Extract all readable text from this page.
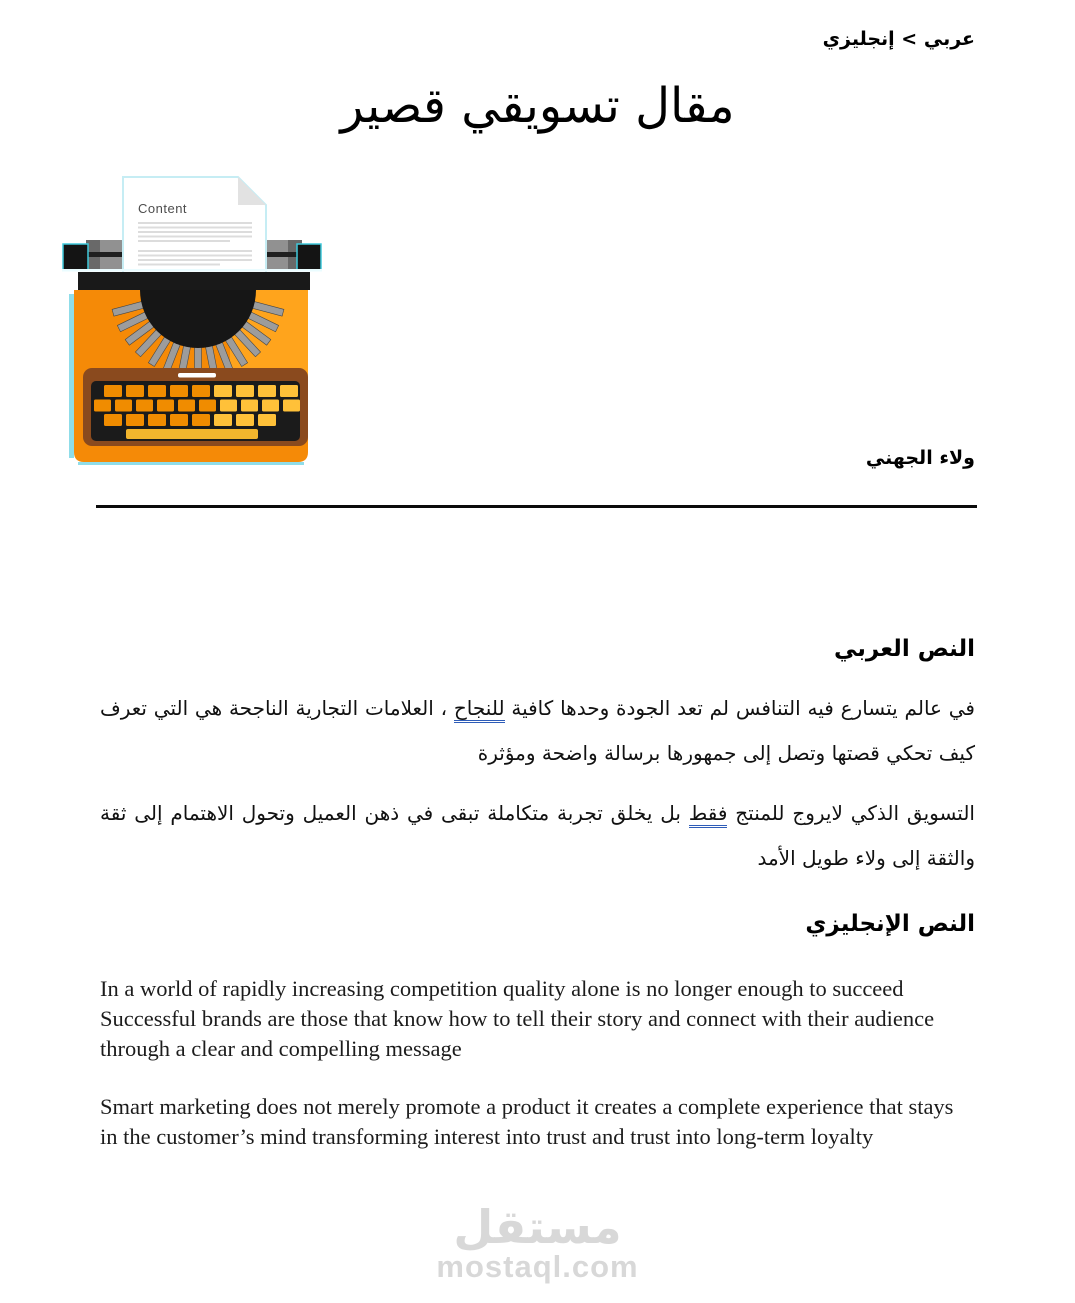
عربي > إنجليزي
مقال تسويقي قصير
Content
ولاء الجهني
النص العربي

في عالم يتسارع فيه التنافس لم تعد الجودة وحدها كافية للنجاح ، العلامات التجارية الناجحة هي التي تعرف كيف تحكي قصتها وتصل إلى جمهورها برسالة واضحة ومؤثرة

التسويق الذكي لايروج للمنتج فقط بل يخلق تجربة متكاملة تبقى في ذهن العميل وتحول الاهتمام إلى ثقة والثقة إلى ولاء طويل الأمد

النص الإنجليزي

In a world of rapidly increasing competition quality alone is no longer enough to succeed Successful brands are those that know how to tell their story and connect with their audience through a clear and compelling message

Smart marketing does not merely promote a product it creates a complete experience that stays in the customer’s mind transforming interest into trust and trust into long-term loyalty

مستقل
mostaql.com
